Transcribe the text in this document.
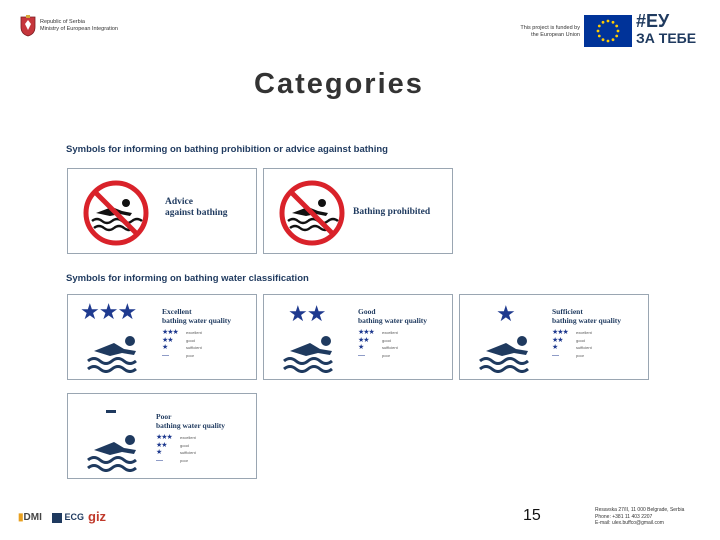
Republic of Serbia
Ministry of European Integration	This project is funded by
the European Union
#ЕУ
ЗА ТЕБЕ
Categories
Symbols for informing on bathing prohibition or advice against bathing
Advice
against bathing	Bathing prohibited
Symbols for informing on bathing water classification
★★★	Excellent
bathing water quality
★★★	excellent
★★	good
★	sufficient
—	poor
★★	Good
bathing water quality
★★★	excellent
★★	good
★	sufficient
—	poor
★	Sufficient
bathing water quality
★★★	excellent
★★	good
★	sufficient
—	poor
Poor
bathing water quality
★★★	excellent
★★	good
★	sufficient
—	poor
▮DMI	ECG giz	15	Resavska 27/II, 11 000 Belgrade, Serbia
Phone: +381 11 403 2207
E-mail: ulex.buffco@gmail.com
